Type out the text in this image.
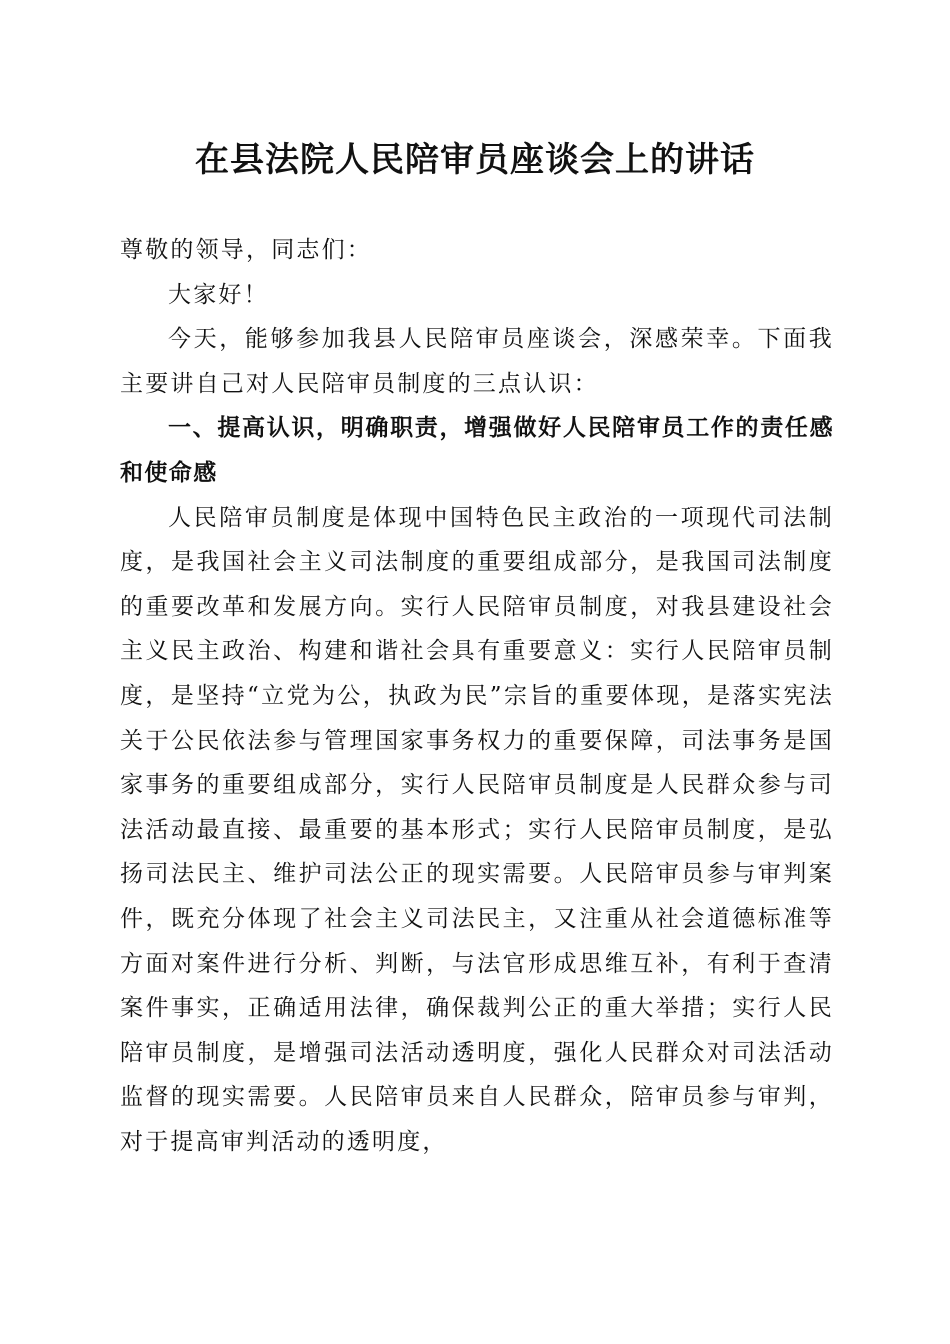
在县法院人民陪审员座谈会上的讲话

尊敬的领导，同志们：

大家好！

今天，能够参加我县人民陪审员座谈会，深感荣幸。下面我主要讲自己对人民陪审员制度的三点认识：

一、提高认识，明确职责，增强做好人民陪审员工作的责任感和使命感

人民陪审员制度是体现中国特色民主政治的一项现代司法制度，是我国社会主义司法制度的重要组成部分，是我国司法制度的重要改革和发展方向。实行人民陪审员制度，对我县建设社会主义民主政治、构建和谐社会具有重要意义：实行人民陪审员制度，是坚持“立党为公，执政为民”宗旨的重要体现，是落实宪法关于公民依法参与管理国家事务权力的重要保障，司法事务是国家事务的重要组成部分，实行人民陪审员制度是人民群众参与司法活动最直接、最重要的基本形式；实行人民陪审员制度，是弘扬司法民主、维护司法公正的现实需要。人民陪审员参与审判案件，既充分体现了社会主义司法民主，又注重从社会道德标准等方面对案件进行分析、判断，与法官形成思维互补，有利于查清案件事实，正确适用法律，确保裁判公正的重大举措；实行人民陪审员制度，是增强司法活动透明度，强化人民群众对司法活动监督的现实需要。人民陪审员来自人民群众，陪审员参与审判，对于提高审判活动的透明度，
